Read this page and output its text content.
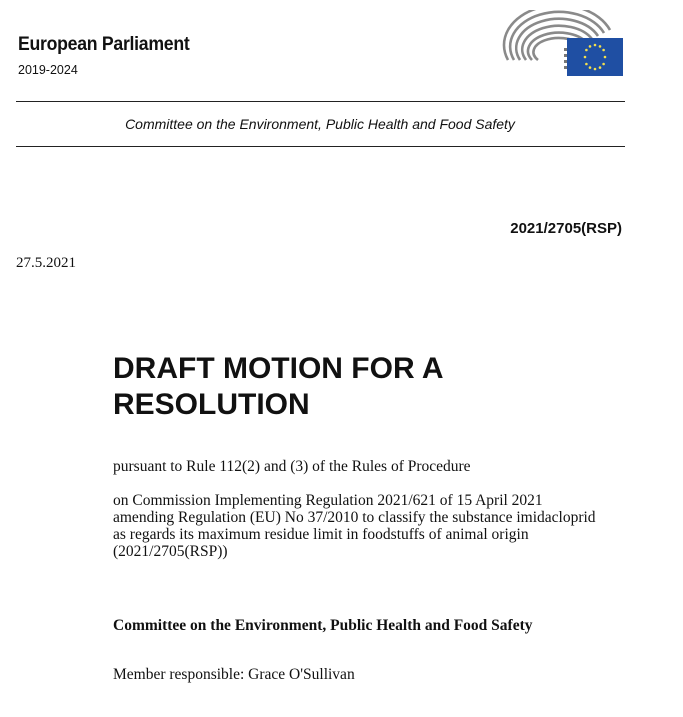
European Parliament
2019-2024
Committee on the Environment, Public Health and Food Safety
2021/2705(RSP)
27.5.2021
DRAFT MOTION FOR A
RESOLUTION
pursuant to Rule 112(2) and (3) of the Rules of Procedure
on Commission Implementing Regulation 2021/621 of 15 April 2021
amending Regulation (EU) No 37/2010 to classify the substance imidacloprid
as regards its maximum residue limit in foodstuffs of animal origin
(2021/2705(RSP))
Committee on the Environment, Public Health and Food Safety
Member responsible: Grace O'Sullivan
